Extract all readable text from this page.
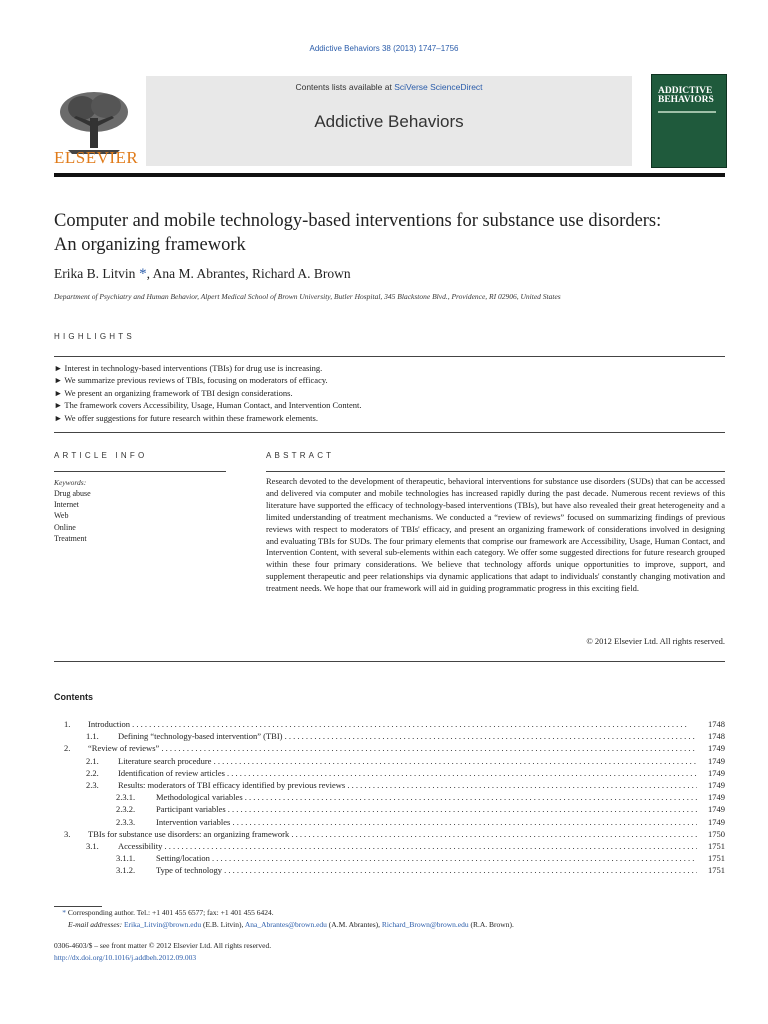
Addictive Behaviors 38 (2013) 1747–1756
ELSEVIER
Contents lists available at SciVerse ScienceDirect
Addictive Behaviors
ADDICTIVE
BEHAVIORS
Computer and mobile technology-based interventions for substance use disorders:
An organizing framework
Erika B. Litvin *, Ana M. Abrantes, Richard A. Brown
Department of Psychiatry and Human Behavior, Alpert Medical School of Brown University, Butler Hospital, 345 Blackstone Blvd., Providence, RI 02906, United States
HIGHLIGHTS
► Interest in technology-based interventions (TBIs) for drug use is increasing.
► We summarize previous reviews of TBIs, focusing on moderators of efficacy.
► We present an organizing framework of TBI design considerations.
► The framework covers Accessibility, Usage, Human Contact, and Intervention Content.
► We offer suggestions for future research within these framework elements.
ARTICLE INFO
Keywords:
Drug abuse
Internet
Web
Online
Treatment
ABSTRACT
Research devoted to the development of therapeutic, behavioral interventions for substance use disorders (SUDs) that can be accessed and delivered via computer and mobile technologies has increased rapidly during the past decade. Numerous recent reviews of this literature have supported the efficacy of technology-based interventions (TBIs), but have also revealed their great heterogeneity and a limited understanding of treatment mechanisms. We conducted a “review of reviews” focused on summarizing findings of previous reviews with respect to moderators of TBIs' efficacy, and present an organizing framework of considerations involved in designing and evaluating TBIs for SUDs. The four primary elements that comprise our framework are Accessibility, Usage, Human Contact, and Intervention Content, with several sub-elements within each category. We offer some suggested directions for future research grouped within these four primary considerations. We believe that technology affords unique opportunities to improve, support, and supplement therapeutic and peer relationships via dynamic applications that adapt to individuals' constantly changing motivation and treatment needs. We hope that our framework will aid in guiding programmatic progress in this exciting field.
© 2012 Elsevier Ltd. All rights reserved.
Contents
1. Introduction . . .	1748
1.1. Defining “technology-based intervention” (TBI) . . .	1748
2. “Review of reviews” . . .	1749
2.1. Literature search procedure . . .	1749
2.2. Identification of review articles . . .	1749
2.3. Results: moderators of TBI efficacy identified by previous reviews . . .	1749
2.3.1. Methodological variables . . .	1749
2.3.2. Participant variables . . .	1749
2.3.3. Intervention variables . . .	1749
3. TBIs for substance use disorders: an organizing framework . . .	1750
3.1. Accessibility . . .	1751
3.1.1. Setting/location . . .	1751
3.1.2. Type of technology . . .	1751
* Corresponding author. Tel.: +1 401 455 6577; fax: +1 401 455 6424.
E-mail addresses: Erika_Litvin@brown.edu (E.B. Litvin), Ana_Abrantes@brown.edu (A.M. Abrantes), Richard_Brown@brown.edu (R.A. Brown).
0306-4603/$ – see front matter © 2012 Elsevier Ltd. All rights reserved.
http://dx.doi.org/10.1016/j.addbeh.2012.09.003
